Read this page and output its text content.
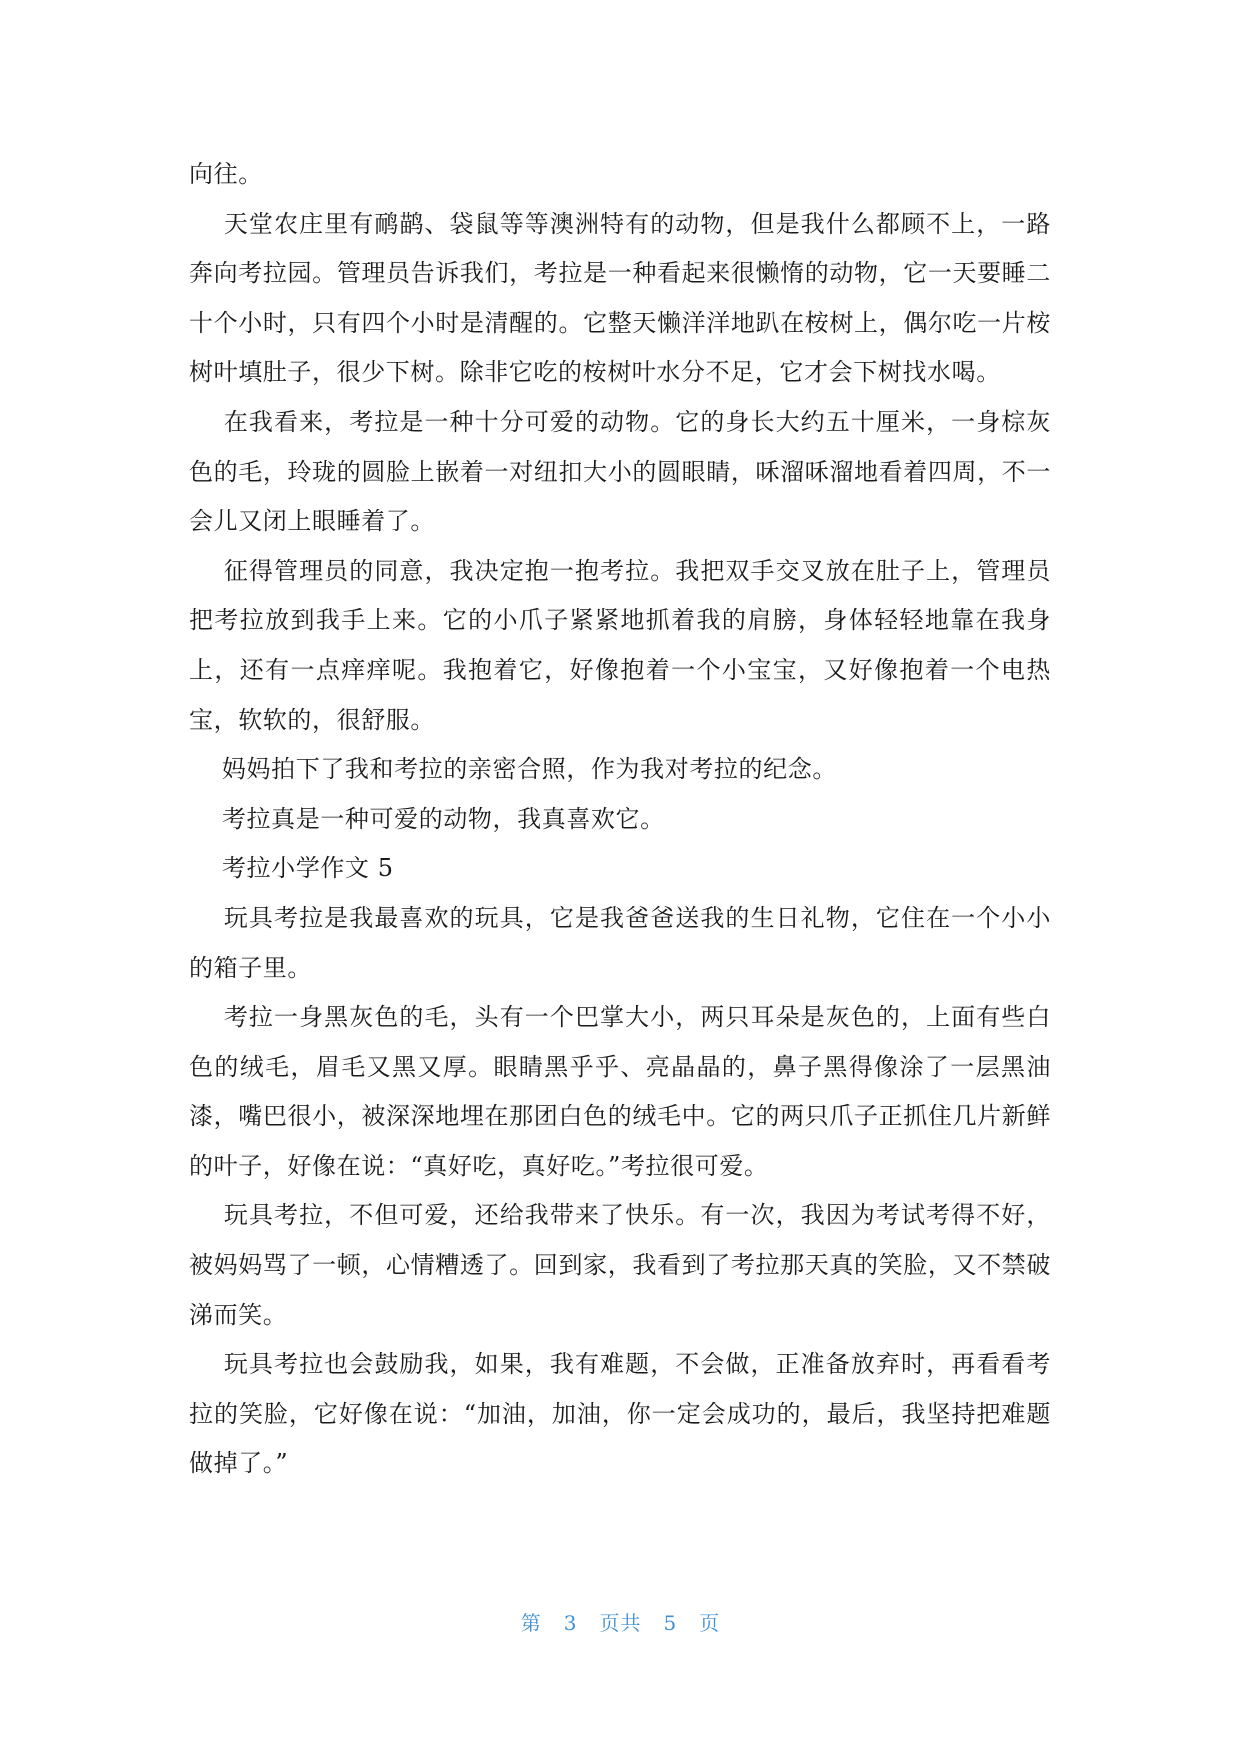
向往。

天堂农庄里有鸸鹋、袋鼠等等澳洲特有的动物，但是我什么都顾不上，一路奔向考拉园。管理员告诉我们，考拉是一种看起来很懒惰的动物，它一天要睡二十个小时，只有四个小时是清醒的。它整天懒洋洋地趴在桉树上，偶尔吃一片桉树叶填肚子，很少下树。除非它吃的桉树叶水分不足，它才会下树找水喝。

在我看来，考拉是一种十分可爱的动物。它的身长大约五十厘米，一身棕灰色的毛，玲珑的圆脸上嵌着一对纽扣大小的圆眼睛，咊溜咊溜地看着四周，不一会儿又闭上眼睡着了。

征得管理员的同意，我决定抱一抱考拉。我把双手交叉放在肚子上，管理员把考拉放到我手上来。它的小爪子紧紧地抓着我的肩膀，身体轻轻地靠在我身上，还有一点痒痒呢。我抱着它，好像抱着一个小宝宝，又好像抱着一个电热宝，软软的，很舒服。

妈妈拍下了我和考拉的亲密合照，作为我对考拉的纪念。

考拉真是一种可爱的动物，我真喜欢它。

考拉小学作文 5

玩具考拉是我最喜欢的玩具，它是我爸爸送我的生日礼物，它住在一个小小的箱子里。

考拉一身黑灰色的毛，头有一个巴掌大小，两只耳朵是灰色的，上面有些白色的绒毛，眉毛又黑又厚。眼睛黑乎乎、亮晶晶的，鼻子黑得像涂了一层黑油漆，嘴巴很小，被深深地埋在那团白色的绒毛中。它的两只爪子正抓住几片新鲜的叶子，好像在说：“真好吃，真好吃。”考拉很可爱。

玩具考拉，不但可爱，还给我带来了快乐。有一次，我因为考试考得不好，被妈妈骂了一顿，心情糟透了。回到家，我看到了考拉那天真的笑脸，又不禁破涕而笑。

玩具考拉也会鼓励我，如果，我有难题，不会做，正准备放弃时，再看看考拉的笑脸，它好像在说：“加油，加油，你一定会成功的，最后，我坚持把难题做掉了。”

第 3 页共 5 页
